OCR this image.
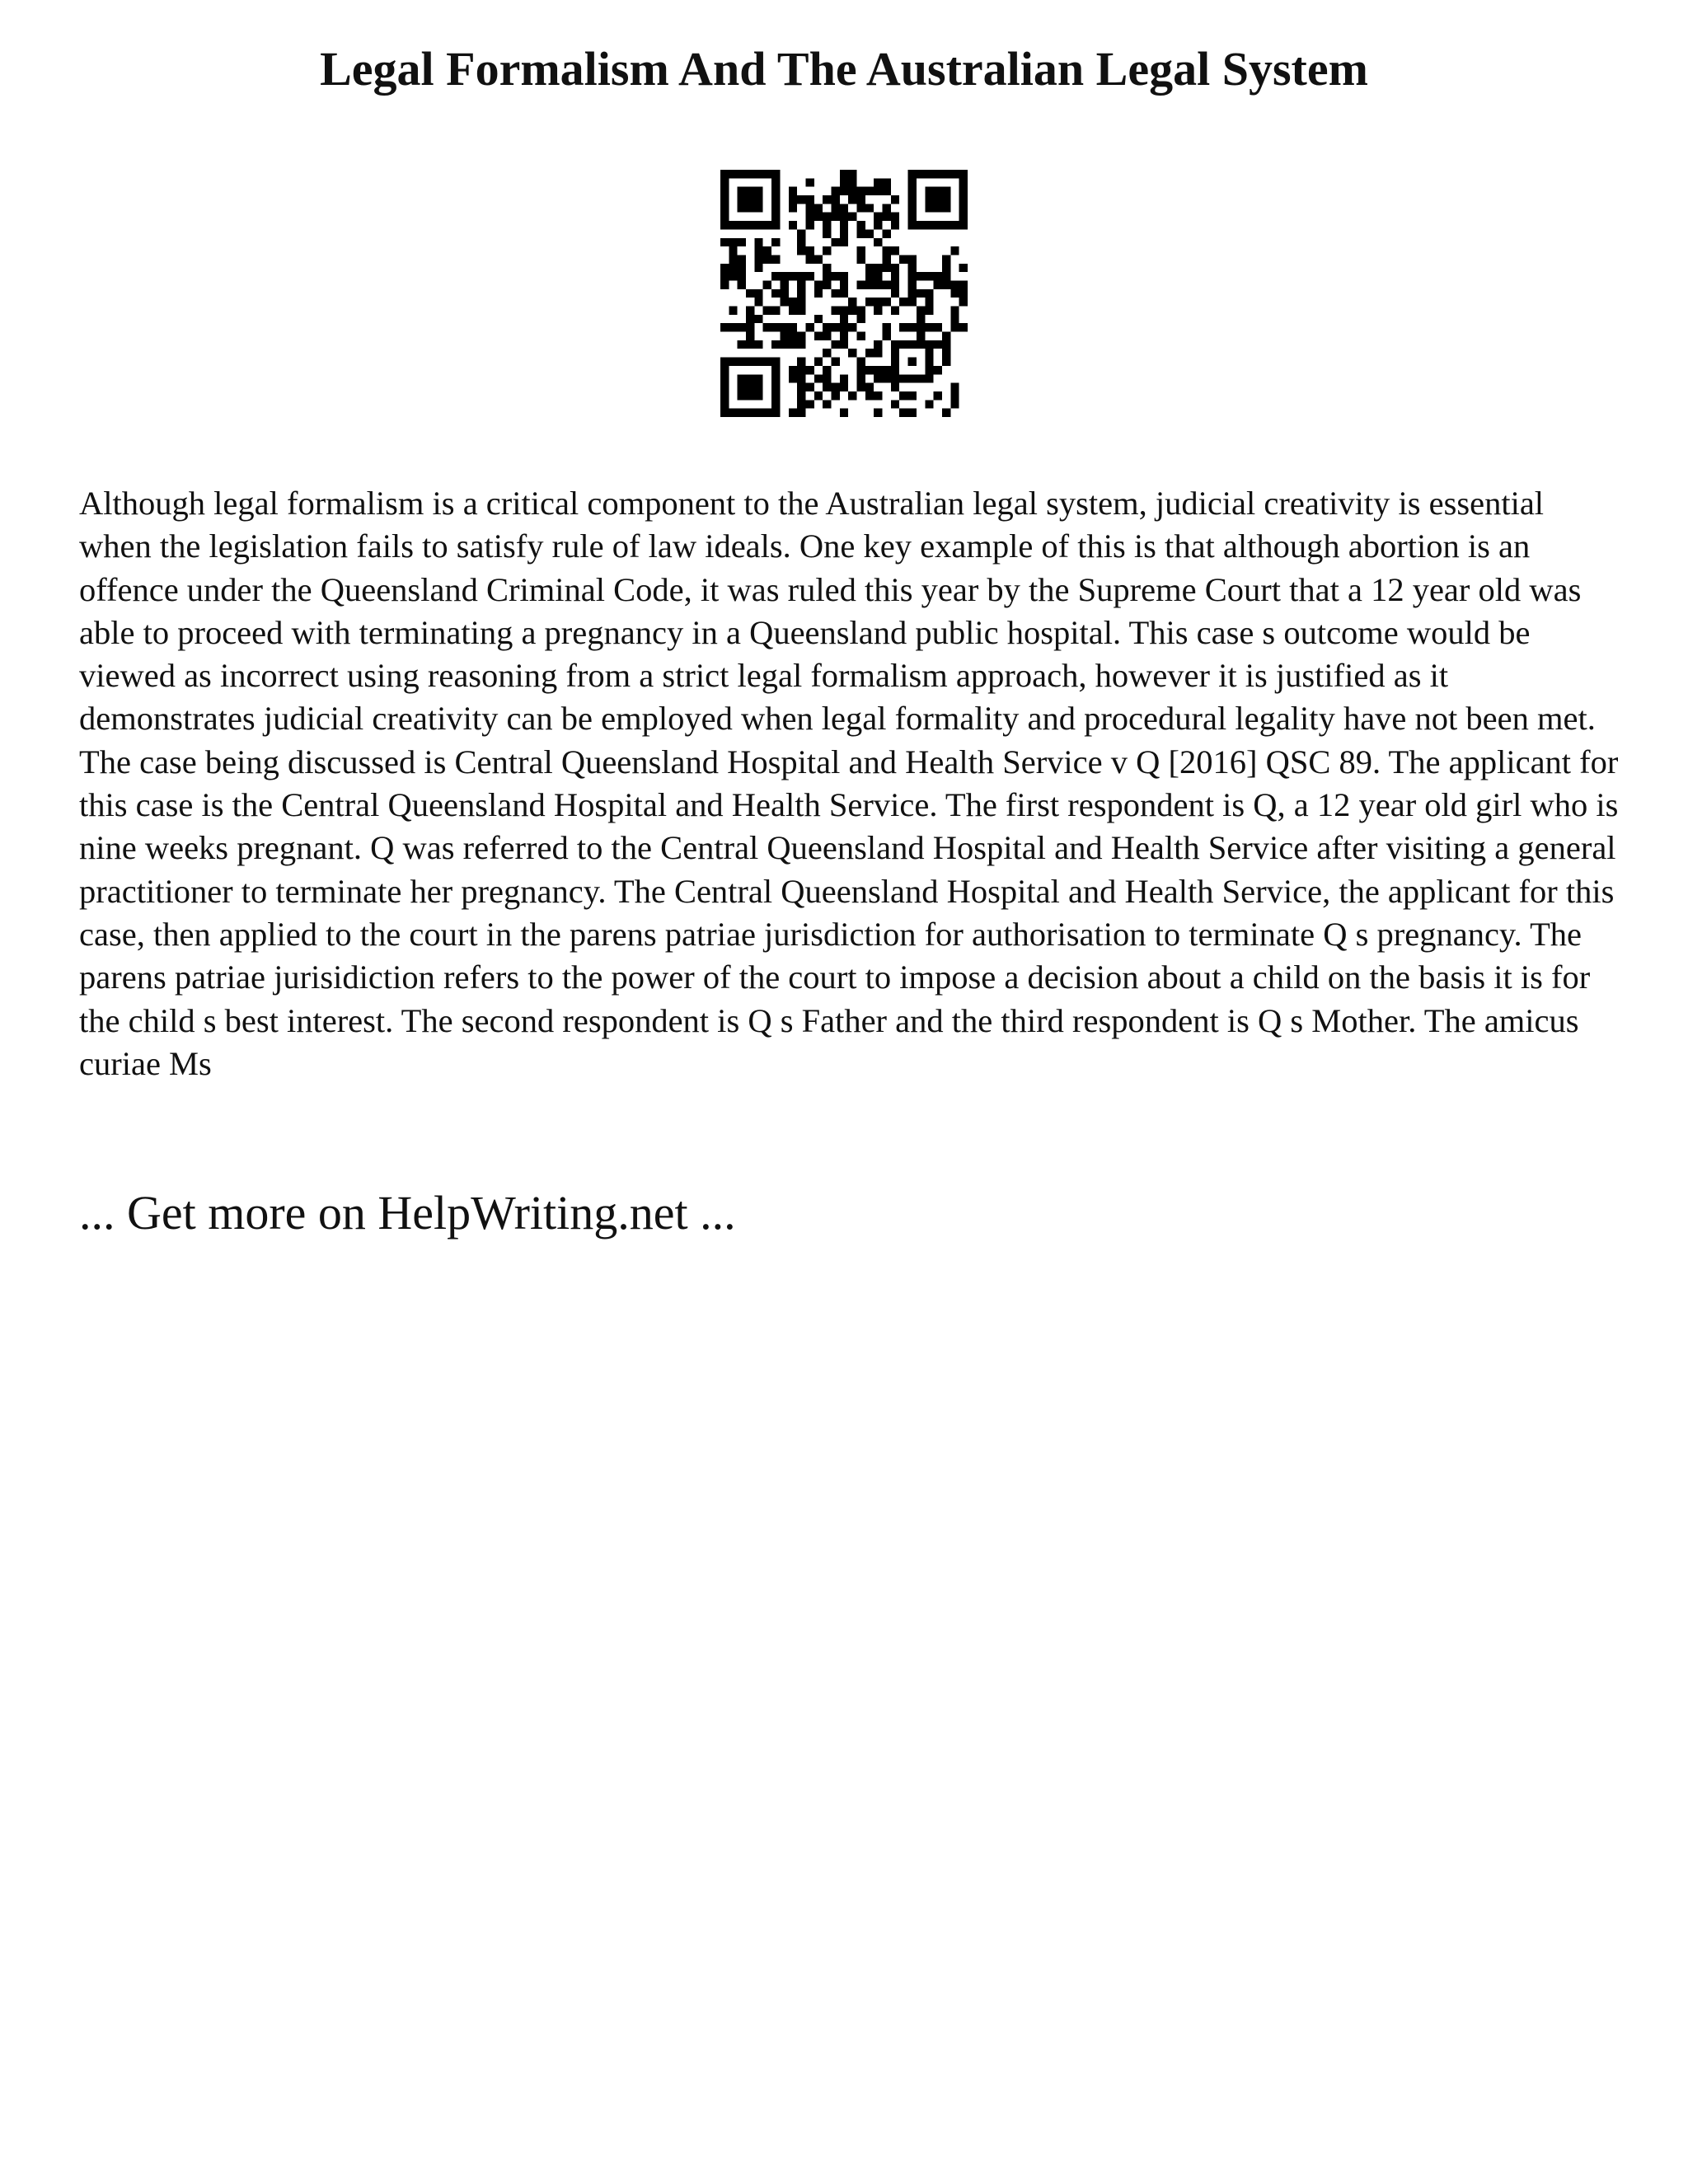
Legal Formalism And The Australian Legal System

Although legal formalism is a critical component to the Australian legal system, judicial creativity is essential when the legislation fails to satisfy rule of law ideals. One key example of this is that although abortion is an offence under the Queensland Criminal Code, it was ruled this year by the Supreme Court that a 12 year old was able to proceed with terminating a pregnancy in a Queensland public hospital. This case s outcome would be viewed as incorrect using reasoning from a strict legal formalism approach, however it is justified as it demonstrates judicial creativity can be employed when legal formality and procedural legality have not been met. The case being discussed is Central Queensland Hospital and Health Service v Q [2016] QSC 89. The applicant for this case is the Central Queensland Hospital and Health Service. The first respondent is Q, a 12 year old girl who is nine weeks pregnant. Q was referred to the Central Queensland Hospital and Health Service after visiting a general practitioner to terminate her pregnancy. The Central Queensland Hospital and Health Service, the applicant for this case, then applied to the court in the parens patriae jurisdiction for authorisation to terminate Q s pregnancy. The parens patriae jurisidiction refers to the power of the court to impose a decision about a child on the basis it is for the child s best interest. The second respondent is Q s Father and the third respondent is Q s Mother. The amicus curiae Ms

... Get more on HelpWriting.net ...
